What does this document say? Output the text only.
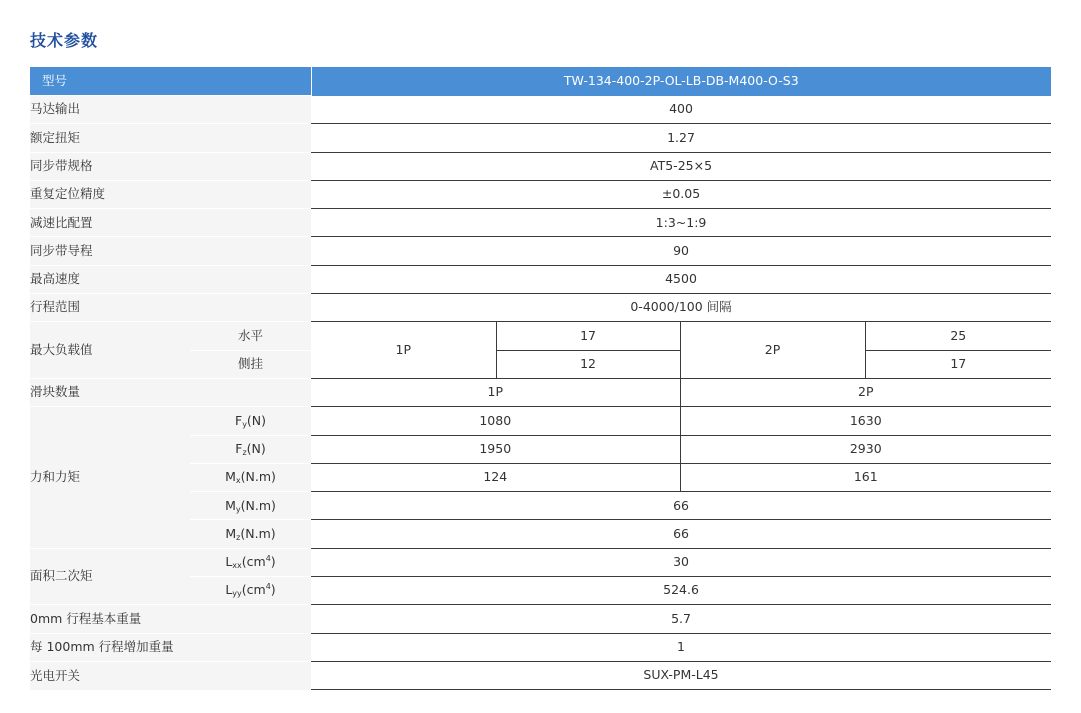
技术参数
型号		TW-134-400-2P-OL-LB-DB-M400-O-S3			
马达输出		400			
额定扭矩		1.27			
同步带规格		AT5-25×5			
重复定位精度		±0.05			
减速比配置		1:3~1:9			
同步带导程		90			
最高速度		4500			
行程范围		0-4000/100 间隔			
最大负载值	水平	1P	17	2P	25
	侧挂		12		17
滑块数量		1P		2P	
力和力矩	$F_y(N)$	1080		1630	
	$F_z(N)$	1950		2930	
	$M_x(N.m)$	124		161	
	$M_y(N.m)$	66			
	$M_z(N.m)$	66			
面积二次矩	$L_{xx}(cm^4)$	30			
	$L_{yy}(cm^4)$	524.6			
0mm 行程基本重量		5.7			
每 100mm 行程增加重量		1			
光电开关		SUX-PM-L45			
